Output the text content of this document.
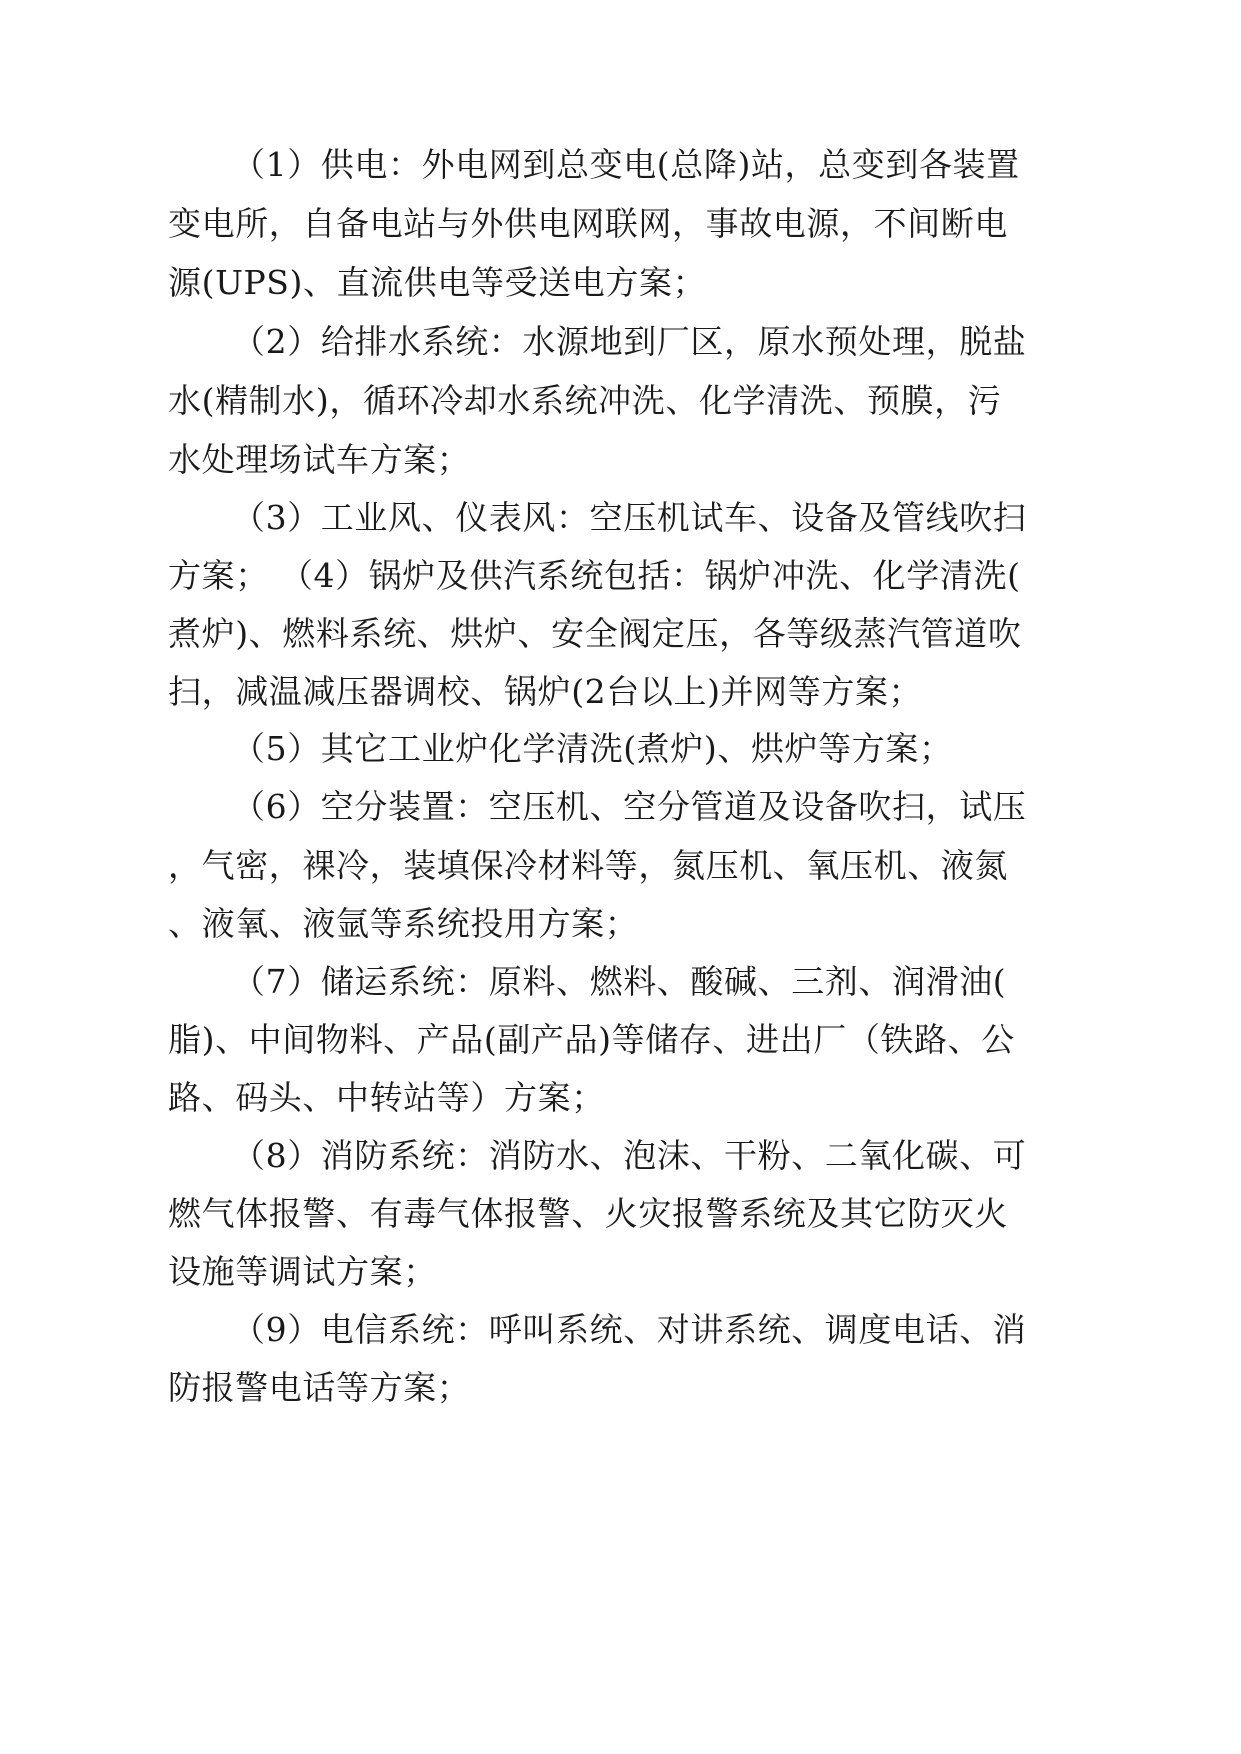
（1）供电：外电网到总变电(总降)站，总变到各装置
变电所，自备电站与外供电网联网，事故电源，不间断电
源(UPS)、直流供电等受送电方案；
（2）给排水系统：水源地到厂区，原水预处理，脱盐
水(精制水)，循环冷却水系统冲洗、化学清洗、预膜，污
水处理场试车方案；
（3）工业风、仪表风：空压机试车、设备及管线吹扫
方案； （4）锅炉及供汽系统包括：锅炉冲洗、化学清洗(
煮炉)、燃料系统、烘炉、安全阀定压，各等级蒸汽管道吹
扫，减温减压器调校、锅炉(2台以上)并网等方案；
（5）其它工业炉化学清洗(煮炉)、烘炉等方案；
（6）空分装置：空压机、空分管道及设备吹扫，试压
，气密，裸冷，装填保冷材料等，氮压机、氧压机、液氮
、液氧、液氩等系统投用方案；
（7）储运系统：原料、燃料、酸碱、三剂、润滑油(
脂)、中间物料、产品(副产品)等储存、进出厂（铁路、公
路、码头、中转站等）方案；
（8）消防系统：消防水、泡沫、干粉、二氧化碳、可
燃气体报警、有毒气体报警、火灾报警系统及其它防灭火
设施等调试方案；
（9）电信系统：呼叫系统、对讲系统、调度电话、消
防报警电话等方案；
